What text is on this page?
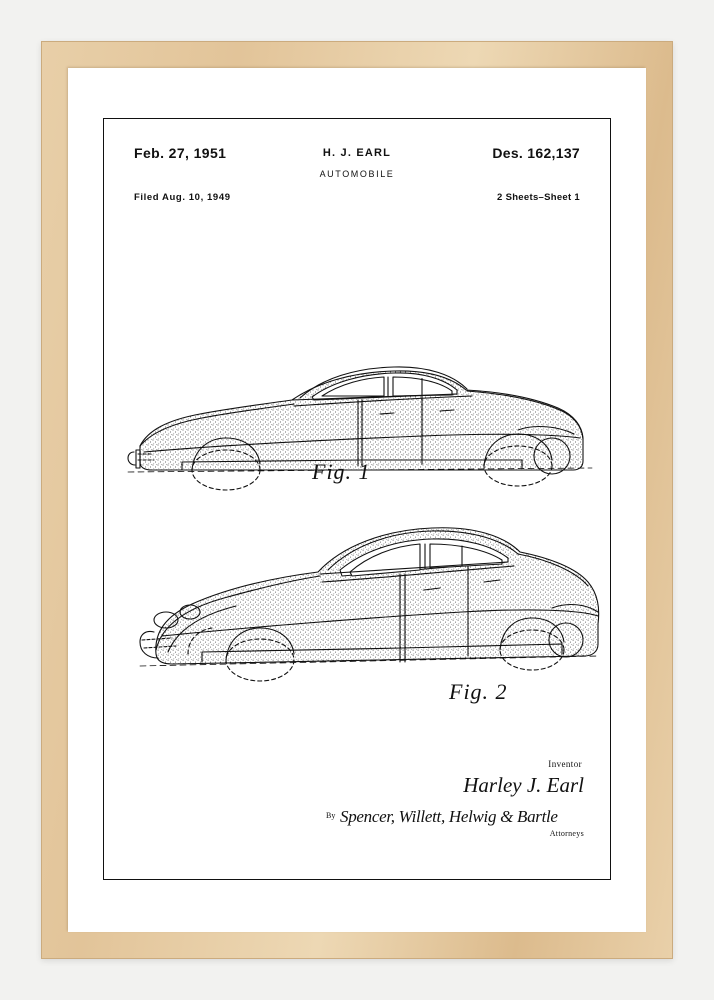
Feb. 27, 1951	H. J. EARL	Des. 162,137
AUTOMOBILE
Filed Aug. 10, 1949	2 Sheets–Sheet 1
Fig. 1
Fig. 2
Inventor
Harley J. Earl
By Spencer, Willett, Helwig & Bartle
Attorneys
